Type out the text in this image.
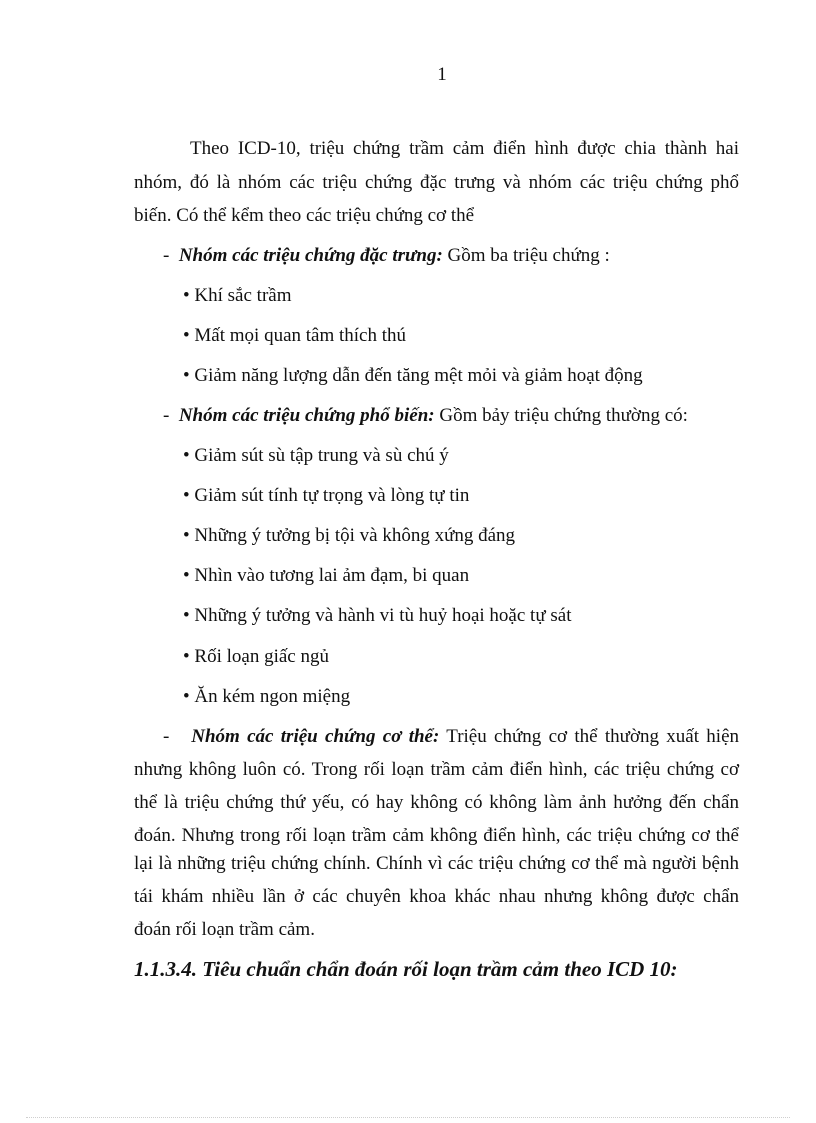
1
Theo ICD-10, triệu chứng trầm cảm điển hình được chia thành hai
nhóm, đó là nhóm các triệu chứng đặc trưng và nhóm các triệu chứng phổ
biến. Có thể kểm theo các triệu chứng cơ thể
- Nhóm các triệu chứng đặc trưng: Gồm ba triệu chứng :
• Khí sắc trầm
• Mất mọi quan tâm thích thú
• Giảm năng lượng dẫn đến tăng mệt mỏi và giảm hoạt động
- Nhóm các triệu chứng phổ biến: Gồm bảy triệu chứng thường có:
• Giảm sút sù tập trung và sù chú ý
• Giảm sút tính tự trọng và lòng tự tin
• Những ý tưởng bị tội và không xứng đáng
• Nhìn vào tương lai ảm đạm, bi quan
• Những ý tưởng và hành vi tù huỷ hoại hoặc tự sát
• Rối loạn giấc ngủ
• Ăn kém ngon miệng
- Nhóm các triệu chứng cơ thể: Triệu chứng cơ thể thường xuất hiện
nhưng không luôn có. Trong rối loạn trầm cảm điển hình, các triệu chứng cơ
thể là triệu chứng thứ yếu, có hay không có không làm ảnh hưởng đến chẩn
đoán. Nhưng trong rối loạn trầm cảm không điển hình, các triệu chứng cơ thể
lại là những triệu chứng chính. Chính vì các triệu chứng cơ thể mà người bệnh
tái khám nhiều lần ở các chuyên khoa khác nhau nhưng không được chẩn
đoán rối loạn trầm cảm.
1.1.3.4. Tiêu chuẩn chẩn đoán rối loạn trầm cảm theo ICD 10:
